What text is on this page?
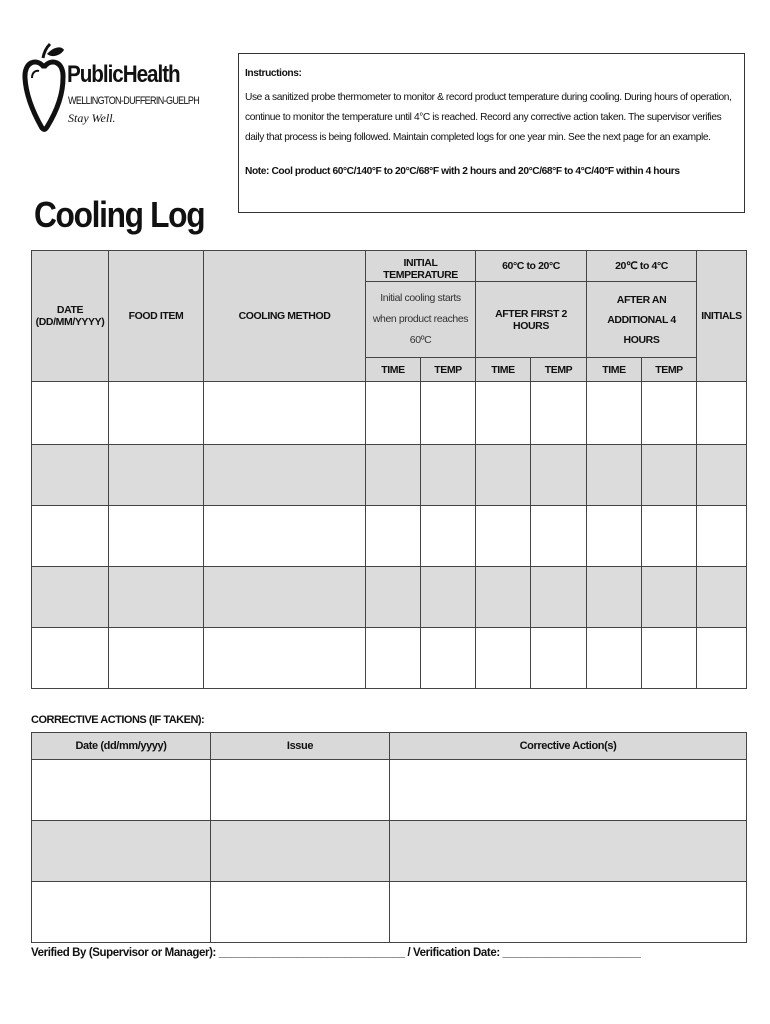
PublicHealth
WELLINGTON-DUFFERIN-GUELPH
Stay Well.

Instructions:

Use a sanitized probe thermometer to monitor & record product temperature during cooling. During hours of operation, continue to monitor the temperature until 4°C is reached. Record any corrective action taken. The supervisor verifies daily that process is being followed. Maintain completed logs for one year min. See the next page for an example.

Note: Cool product 60°C/140°F to 20°C/68°F with 2 hours and 20°C/68°F to 4°C/40°F within 4 hours

Cooling Log
DATE (DD/MM/YYYY)	FOOD ITEM	COOLING METHOD	INITIAL TEMPERATURE		60°C to 20°C		20℃ to 4°C		INITIALS
			Initial cooling starts when product reaches 60ºC		AFTER FIRST 2 HOURS		AFTER AN ADDITIONAL 4 HOURS		
			TIME	TEMP	TIME	TEMP	TIME	TEMP	

CORRECTIVE ACTIONS (IF TAKEN):
Date (dd/mm/yyyy)	Issue	Corrective Action(s)

Verified By (Supervisor or Manager): _______________________________ / Verification Date: _______________________
